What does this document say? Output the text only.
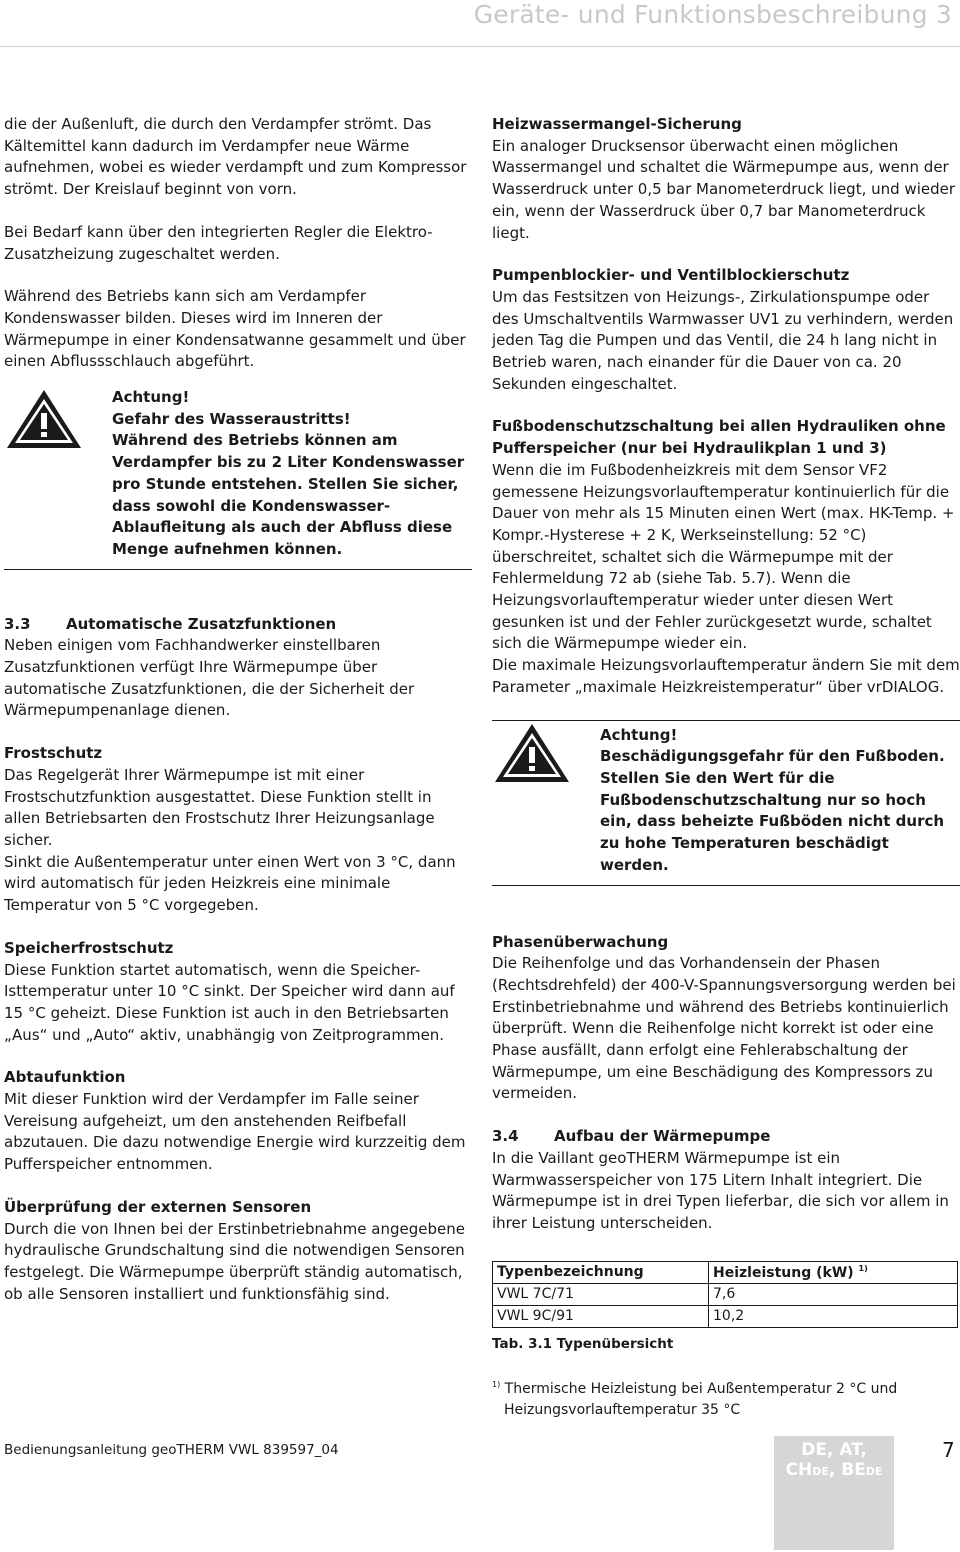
Geräte- und Funktionsbeschreibung 3

die der Außenluft, die durch den Verdampfer strömt. Das Kältemittel kann dadurch im Verdampfer neue Wärme aufnehmen, wobei es wieder verdampft und zum Kompressor strömt. Der Kreislauf beginnt von vorn.

Bei Bedarf kann über den integrierten Regler die Elektro-Zusatzheizung zugeschaltet werden.

Während des Betriebs kann sich am Verdampfer Kondenswasser bilden. Dieses wird im Inneren der Wärmepumpe in einer Kondensatwanne gesammelt und über einen Abflussschlauch abgeführt.

Achtung!
Gefahr des Wasseraustritts!
Während des Betriebs können am Verdampfer bis zu 2 Liter Kondenswasser pro Stunde entstehen. Stellen Sie sicher, dass sowohl die Kondenswasser-Ablaufleitung als auch der Abfluss diese Menge aufnehmen können.
3.3 Automatische Zusatzfunktionen

Neben einigen vom Fachhandwerker einstellbaren Zusatzfunktionen verfügt Ihre Wärmepumpe über automatische Zusatzfunktionen, die der Sicherheit der Wärmepumpenanlage dienen.

Frostschutz

Das Regelgerät Ihrer Wärmepumpe ist mit einer Frostschutzfunktion ausgestattet. Diese Funktion stellt in allen Betriebsarten den Frostschutz Ihrer Heizungsanlage sicher.

Sinkt die Außentemperatur unter einen Wert von 3 °C, dann wird automatisch für jeden Heizkreis eine minimale Temperatur von 5 °C vorgegeben.

Speicherfrostschutz

Diese Funktion startet automatisch, wenn die Speicher-Isttemperatur unter 10 °C sinkt. Der Speicher wird dann auf 15 °C geheizt. Diese Funktion ist auch in den Betriebsarten „Aus“ und „Auto“ aktiv, unabhängig von Zeitprogrammen.

Abtaufunktion

Mit dieser Funktion wird der Verdampfer im Falle seiner Vereisung aufgeheizt, um den anstehenden Reifbefall abzutauen. Die dazu notwendige Energie wird kurzzeitig dem Pufferspeicher entnommen.

Überprüfung der externen Sensoren

Durch die von Ihnen bei der Erstinbetriebnahme angegebene hydraulische Grundschaltung sind die notwendigen Sensoren festgelegt. Die Wärmepumpe überprüft ständig automatisch, ob alle Sensoren installiert und funktionsfähig sind.

Heizwassermangel-Sicherung

Ein analoger Drucksensor überwacht einen möglichen Wassermangel und schaltet die Wärmepumpe aus, wenn der Wasserdruck unter 0,5 bar Manometerdruck liegt, und wieder ein, wenn der Wasserdruck über 0,7 bar Manometerdruck liegt.

Pumpenblockier- und Ventilblockierschutz

Um das Festsitzen von Heizungs-, Zirkulationspumpe oder des Umschaltventils Warmwasser UV1 zu verhindern, werden jeden Tag die Pumpen und das Ventil, die 24 h lang nicht in Betrieb waren, nach einander für die Dauer von ca. 20 Sekunden eingeschaltet.

Fußbodenschutzschaltung bei allen Hydrauliken ohne Pufferspeicher (nur bei Hydraulikplan 1 und 3)

Wenn die im Fußbodenheizkreis mit dem Sensor VF2 gemessene Heizungsvorlauftemperatur kontinuierlich für die Dauer von mehr als 15 Minuten einen Wert (max. HK-Temp. + Kompr.-Hysterese + 2 K, Werkseinstellung: 52 °C) überschreitet, schaltet sich die Wärmepumpe mit der Fehlermeldung 72 ab (siehe Tab. 5.7). Wenn die Heizungsvorlauftemperatur wieder unter diesen Wert gesunken ist und der Fehler zurückgesetzt wurde, schaltet sich die Wärmepumpe wieder ein.

Die maximale Heizungsvorlauftemperatur ändern Sie mit dem Parameter „maximale Heizkreistemperatur“ über vrDIALOG.

Achtung!
Beschädigungsgefahr für den Fußboden. Stellen Sie den Wert für die Fußbodenschutzschaltung nur so hoch ein, dass beheizte Fußböden nicht durch zu hohe Temperaturen beschädigt werden.
Phasenüberwachung

Die Reihenfolge und das Vorhandensein der Phasen (Rechtsdrehfeld) der 400-V-Spannungsversorgung werden bei Erstinbetriebnahme und während des Betriebs kontinuierlich überprüft. Wenn die Reihenfolge nicht korrekt ist oder eine Phase ausfällt, dann erfolgt eine Fehlerabschaltung der Wärmepumpe, um eine Beschädigung des Kompressors zu vermeiden.

3.4 Aufbau der Wärmepumpe

In die Vaillant geoTHERM Wärmepumpe ist ein Warmwasserspeicher von 175 Litern Inhalt integriert. Die Wärmepumpe ist in drei Typen lieferbar, die sich vor allem in ihrer Leistung unterscheiden.

Typenbezeichnung	Heizleistung (kW) $^{1)}$
VWL 7C/71	7,6
VWL 9C/91	10,2
Tab. 3.1 Typenübersicht
$^{1)}$ Thermische Heizleistung bei Außentemperatur 2 °C und Heizungsvorlauftemperatur 35 °C
Bedienungsanleitung geoTHERM VWL 839597_04	DE, AT,
CHDE, BEDE
7
